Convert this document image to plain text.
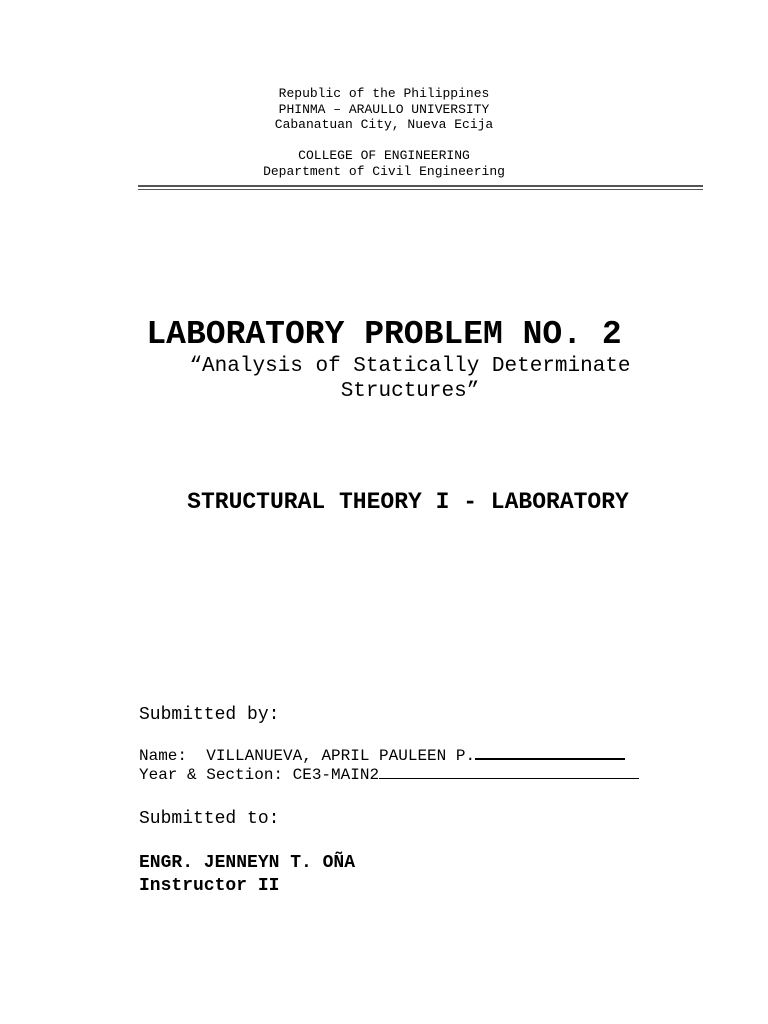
Republic of the Philippines
PHINMA – ARAULLO UNIVERSITY
Cabanatuan City, Nueva Ecija
COLLEGE OF ENGINEERING
Department of Civil Engineering
LABORATORY PROBLEM NO. 2
“Analysis of Statically Determinate Structures”
STRUCTURAL THEORY I - LABORATORY
Submitted by:
Name:  VILLANUEVA, APRIL PAULEEN P.
Year & Section: CE3-MAIN2
Submitted to:
ENGR. JENNEYN T. OÑA
Instructor II
